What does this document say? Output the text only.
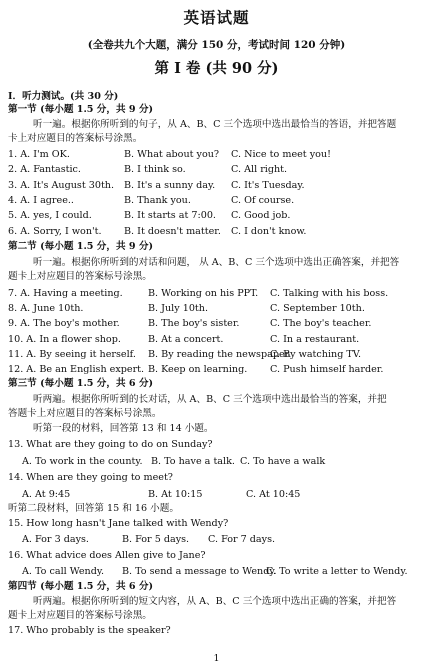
英语试题
(全卷共九个大题，满分 150 分，考试时间 120 分钟)
第 I 卷 (共 90 分)
I．听力测试。(共 30 分)
第一节 (每小题 1.5 分，共 9 分)
听一遍。根据你所听到的句子，从 A、B、C 三个选项中选出最恰当的答语，并把答题
卡上对应题目的答案标号涂黑。
1. A. I'm OK.	B. What about you? C. Nice to meet you!
2. A. Fantastic.	B. I think so.	C. All right.
3. A. It's August 30th. B. It's a sunny day. C. It's Tuesday.
4. A. I agree..	B. Thank you.	C. Of course.
5. A. yes, I could.	B. It starts at 7:00. C. Good job.
6. A. Sorry, I won't. B. It doesn't matter. C. I don't know.
第二节 (每小题 1.5 分，共 9 分)
听一遍。根据你所听到的对话和问题， 从 A、B、C 三个选项中选出正确答案，并把答
题卡上对应题目的答案标号涂黑。
7. A. Having a meeting.	B. Working on his PPT. C. Talking with his boss.
8. A. June 10th.	B. July 10th.	C. September 10th.
9. A. The boy's mother.	B. The boy's sister.	C. The boy's teacher.
10. A. In a flower shop.	B. At a concert.	C. In a restaurant.
11. A. By seeing it herself. B. By reading the newspaper.
C. By watching TV.
12. A. Be an English expert. B. Keep on learning. C. Push himself harder.
第三节 (每小题 1.5 分，共 6 分)
听两遍。根据你所听到的长对话，从 A、B、C 三个选项中选出最恰当的答案，并把
答题卡上对应题目的答案标号涂黑。
听第一段的材料，回答第 13 和 14 小题。
13. What are they going to do on Sunday?
A. To work in the county. B. To have a talk. C. To have a walk
14. When are they going to meet?
A. At 9:45	B. At 10:15	C. At 10:45
听第二段材料，回答第 15 和 16 小题。
15. How long hasn't Jane talked with Wendy?
A. For 3 days.	B. For 5 days. C. For 7 days.
16. What advice does Allen give to Jane?
A. To call Wendy. B. To send a message to Wendy.
C. To write a letter to Wendy.
第四节 (每小题 1.5 分，共 6 分)
听两遍。根据你所听到的短文内容，从 A、B、C 三个选项中选出正确的答案，并把答
题卡上对应题目的答案标号涂黑。
17. Who probably is the speaker?
1
